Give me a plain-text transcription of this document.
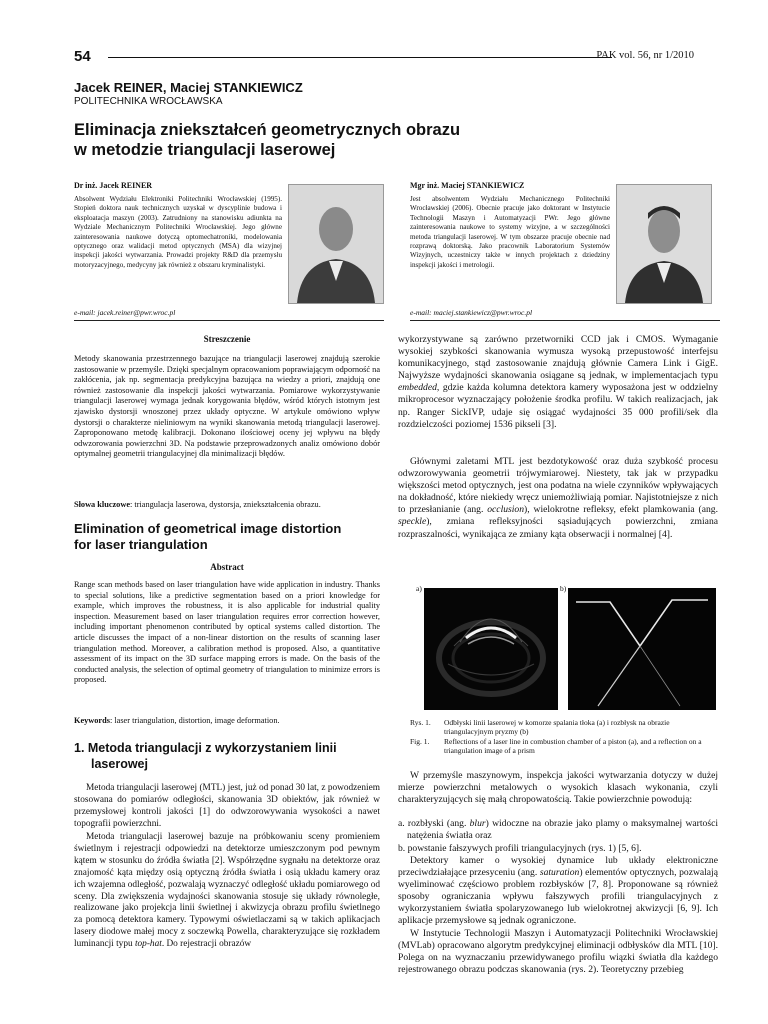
54	PAK vol. 56, nr 1/2010
Jacek REINER, Maciej STANKIEWICZ
POLITECHNIKA WROCŁAWSKA
Eliminacja zniekształceń geometrycznych obrazu
w metodzie triangulacji laserowej
Dr inż. Jacek REINER
Absolwent Wydziału Elektroniki Politechniki Wrocławskiej (1995). Stopień doktora nauk technicznych uzyskał w dyscyplinie budowa i eksploatacja maszyn (2003). Zatrudniony na stanowisku adiunkta na Wydziale Mechanicznym Politechniki Wrocławskiej. Jego główne zainteresowania naukowe dotyczą optomechatroniki, modelowania optycznego oraz walidacji metod optycznych (MSA) dla wizyjnej inspekcji jakości wytwarzania. Prowadzi projekty R&D dla przemysłu motoryzacyjnego, medycyny jak również z obszaru kryminalistyki.
e-mail: jacek.reiner@pwr.wroc.pl
Mgr inż. Maciej STANKIEWICZ
Jest absolwentem Wydziału Mechanicznego Politechniki Wrocławskiej (2006). Obecnie pracuje jako doktorant w Instytucie Technologii Maszyn i Automatyzacji PWr. Jego główne zainteresowania naukowe to systemy wizyjne, a w szczególności metoda triangulacji laserowej. W tym obszarze pracuje obecnie nad rozprawą doktorską. Jako pracownik Laboratorium Systemów Wizyjnych, uczestniczy także w innych projektach z dziedziny inspekcji jakości i metrologii.
e-mail: maciej.stankiewicz@pwr.wroc.pl
Streszczenie
Metody skanowania przestrzennego bazujące na triangulacji laserowej znajdują szerokie zastosowanie w przemyśle. Dzięki specjalnym opracowaniom poprawiającym odporność na zakłócenia, jak np. segmentacja predykcyjna bazująca na wiedzy a priori, znajdują one również zastosowanie dla inspekcji jakości wytwarzania. Pomiarowe wykorzystywanie triangulacji laserowej wymaga jednak korygowania błędów, wśród których istotnym jest zjawisko dystorsji wnoszonej przez układy optyczne. W artykule omówiono wpływ dystorsji o charakterze nieliniowym na wyniki skanowania metodą triangulacji laserowej. Zaproponowano metodę kalibracji. Dokonano ilościowej oceny jej wpływu na błędy odwzorowania powierzchni 3D. Na podstawie przeprowadzonych analiz omówiono dobór optymalnej geometrii triangulacyjnej dla minimalizacji błędów.
Słowa kluczowe: triangulacja laserowa, dystorsja, zniekształcenia obrazu.
Elimination of geometrical image distortion
for laser triangulation
Abstract
Range scan methods based on laser triangulation have wide application in industry. Thanks to special solutions, like a predictive segmentation based on a priori knowledge for example, which improves the robustness, it is also applicable for industrial quality inspection. Measurement based on laser triangulation requires error correction however, including important phenomenon contributed by optical systems called distortion. The article discusses the impact of a non-linear distortion on the results of scanning laser triangulation method. Moreover, a calibration method is proposed. Also, a quantitative assessment of its impact on the 3D surface mapping errors is made. On the basis of the conducted analysis, the selection of optimal geometry of triangulation to minimize errors is proposed.
Keywords: laser triangulation, distortion, image deformation.
1. Metoda triangulacji z wykorzystaniem linii
laserowej
Metoda triangulacji laserowej (MTL) jest, już od ponad 30 lat, z powodzeniem stosowana do pomiarów odległości, skanowania 3D obiektów, jak również w przemysłowej kontroli jakości [1] do odwzorowywania wysokości a nawet topografii powierzchni.
Metoda triangulacji laserowej bazuje na próbkowaniu sceny promieniem świetlnym i rejestracji odpowiedzi na detektorze umieszczonym pod pewnym kątem w stosunku do źródła światła [2]. Współrzędne sygnału na detektorze oraz znajomość kąta między osią optyczną źródła światła i osią układu kamery oraz ich wzajemna odległość, pozwalają wyznaczyć odległość układu pomiarowego od sceny. Dla zwiększenia wydajności skanowania stosuje się układy równoległe, realizowane jako projekcja linii świetlnej i akwizycja obrazu profilu świetlnego za pomocą detektora kamery. Typowymi oświetlaczami są w takich aplikacjach lasery diodowe małej mocy z soczewką Powella, charakteryzujące się rozkładem luminancji typu top-hat. Do rejestracji obrazów
wykorzystywane są zarówno przetworniki CCD jak i CMOS. Wymaganie wysokiej szybkości skanowania wymusza wysoką przepustowość interfejsu komunikacyjnego, stąd zastosowanie znajdują głównie Camera Link i GigE. Najwyższe wydajności skanowania osiągane są jednak, w implementacjach typu embedded, gdzie każda kolumna detektora kamery wyposażona jest w oddzielny mikroprocesor wyznaczający położenie środka profilu. W takich realizacjach, jak np. Ranger SickIVP, udaje się osiągać wydajności 35 000 profili/sek dla rozdzielczości poziomej 1536 pikseli [3].
Głównymi zaletami MTL jest bezdotykowość oraz duża szybkość procesu odwzorowywania geometrii trójwymiarowej. Niestety, tak jak w przypadku większości metod optycznych, jest ona podatna na wiele czynników wpływających na dokładność, które niekiedy wręcz uniemożliwiają pomiar. Najistotniejsze z nich to przesłanianie (ang. occlusion), wielokrotne refleksy, efekt plamkowania (ang. speckle), zmiana refleksyjności sąsiadujących powierzchni, zmiana rozpraszalności, wynikająca ze zmiany kąta obserwacji i normalnej [4].
a)	b)
Rys. 1.	Odbłyski linii laserowej w komorze spalania tłoka (a) i rozbłysk na obrazie triangulacyjnym pryzmy (b)
Fig. 1.	Reflections of a laser line in combustion chamber of a piston (a), and a reflection on a triangulation image of a prism
W przemyśle maszynowym, inspekcja jakości wytwarzania dotyczy w dużej mierze powierzchni metalowych o wysokich klasach wykonania, czyli charakteryzujących się małą chropowatością. Takie powierzchnie powodują:
a. rozbłyski (ang. blur) widoczne na obrazie jako plamy o maksymalnej wartości natężenia światła oraz
b. powstanie fałszywych profili triangulacyjnych (rys. 1) [5, 6].
Detektory kamer o wysokiej dynamice lub układy elektroniczne przeciwdziałające przesyceniu (ang. saturation) elementów optycznych, pozwalają wyeliminować częściowo problem rozbłysków [7, 8]. Proponowane są również sposoby ograniczania wpływu fałszywych profili triangulacyjnych z wykorzystaniem światła spolaryzowanego lub wielokrotnej akwizycji [6, 9]. Ich aplikacje przemysłowe są jednak ograniczone.
W Instytucie Technologii Maszyn i Automatyzacji Politechniki Wrocławskiej (MVLab) opracowano algorytm predykcyjnej eliminacji odbłysków dla MTL [10]. Polega on na wyznaczaniu przewidywanego profilu wiązki światła dla każdego rejestrowanego obrazu podczas skanowania (rys. 2). Teoretyczny przebieg
